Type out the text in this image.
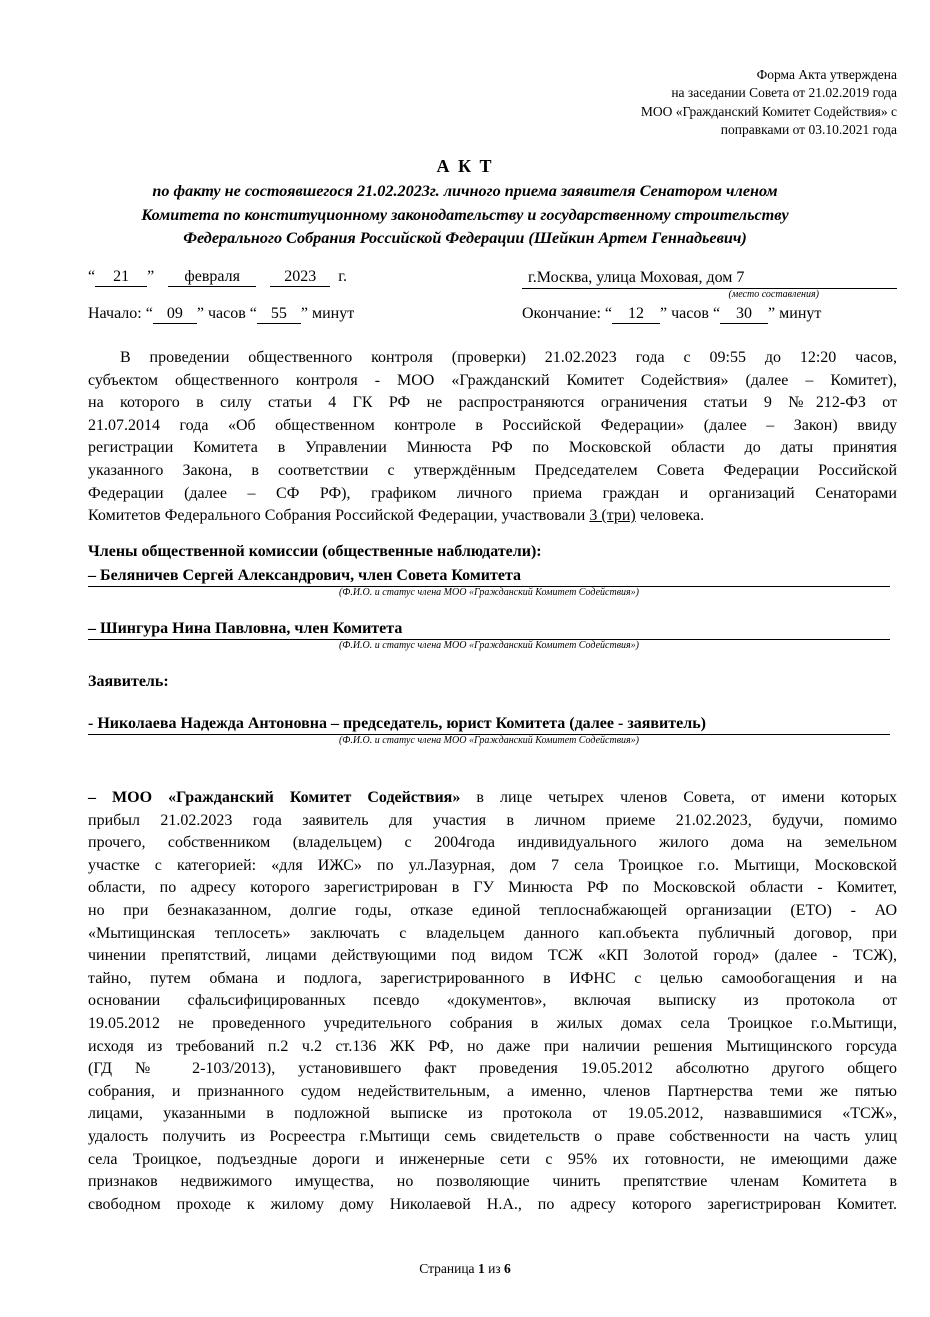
Форма Акта утверждена
на заседании Совета от 21.02.2019 года
МОО «Гражданский Комитет Содействия» с
поправками от 03.10.2021 года
А К Т
по факту не состоявшегося 21.02.2023г. личного приема заявителя Сенатором членом
Комитета по конституционному законодательству и государственному строительству
Федерального Собрания Российской Федерации (Шейкин Артем Геннадьевич)
“ 21 ” февраля	2023 г.	г.Москва, улица Моховая, дом 7
(место составления)
Начало: “ 09 ” часов “ 55 ” минут	Окончание: “ 12 ” часов “ 30 ” минут
В проведении общественного контроля (проверки) 21.02.2023 года с 09:55 до 12:20 часов,
субъектом общественного контроля - МОО «Гражданский Комитет Содействия» (далее – Комитет),
на которого в силу статьи 4 ГК РФ не распространяются ограничения статьи 9 №212-ФЗ от
21.07.2014 года «Об общественном контроле в Российской Федерации» (далее – Закон) ввиду
регистрации Комитета в Управлении Минюста РФ по Московской области до даты принятия
указанного Закона, в соответствии с утверждённым Председателем Совета Федерации Российской
Федерации (далее – СФ РФ), графиком личного приема граждан и организаций Сенаторами
Комитетов Федерального Собрания Российской Федерации, участвовали 3 (три) человека.
Члены общественной комиссии (общественные наблюдатели):
– Беляничев Сергей Александрович, член Совета Комитета
(Ф.И.О. и статус члена МОО «Гражданский Комитет Содействия»)
– Шингура Нина Павловна, член Комитета
(Ф.И.О. и статус члена МОО «Гражданский Комитет Содействия»)
Заявитель:
- Николаева Надежда Антоновна – председатель, юрист Комитета (далее - заявитель)
(Ф.И.О. и статус члена МОО «Гражданский Комитет Содействия»)
– МОО «Гражданский Комитет Содействия» в лице четырех членов Совета, от имени которых
прибыл 21.02.2023 года заявитель для участия в личном приеме 21.02.2023, будучи, помимо
прочего, собственником (владельцем) с 2004года индивидуального жилого дома на земельном
участке с категорией: «для ИЖС» по ул.Лазурная, дом 7 села Троицкое г.о. Мытищи, Московской
области, по адресу которого зарегистрирован в ГУ Минюста РФ по Московской области - Комитет,
но при безнаказанном, долгие годы, отказе единой теплоснабжающей организации (ЕТО) - АО
«Мытищинская теплосеть» заключать с владельцем данного кап.объекта публичный договор, при
чинении препятствий, лицами действующими под видом ТСЖ «КП Золотой город» (далее - ТСЖ),
тайно, путем обмана и подлога, зарегистрированного в ИФНС с целью самообогащения и на
основании сфальсифицированных псевдо «документов», включая выписку из протокола от
19.05.2012 не проведенного учредительного собрания в жилых домах села Троицкое г.о.Мытищи,
исходя из требований п.2 ч.2 ст.136 ЖК РФ, но даже при наличии решения Мытищинского горсуда
(ГД № 2-103/2013), установившего факт проведения 19.05.2012 абсолютно другого общего
собрания, и признанного судом недействительным, а именно, членов Партнерства теми же пятью
лицами, указанными в подложной выписке из протокола от 19.05.2012, назвавшимися «ТСЖ»,
удалость получить из Росреестра г.Мытищи семь свидетельств о праве собственности на часть улиц
села Троицкое, подъездные дороги и инженерные сети с 95% их готовности, не имеющими даже
признаков недвижимого имущества, но позволяющие чинить препятствие членам Комитета в
свободном проходе к жилому дому Николаевой Н.А., по адресу которого зарегистрирован Комитет.
Страница 1 из 6
